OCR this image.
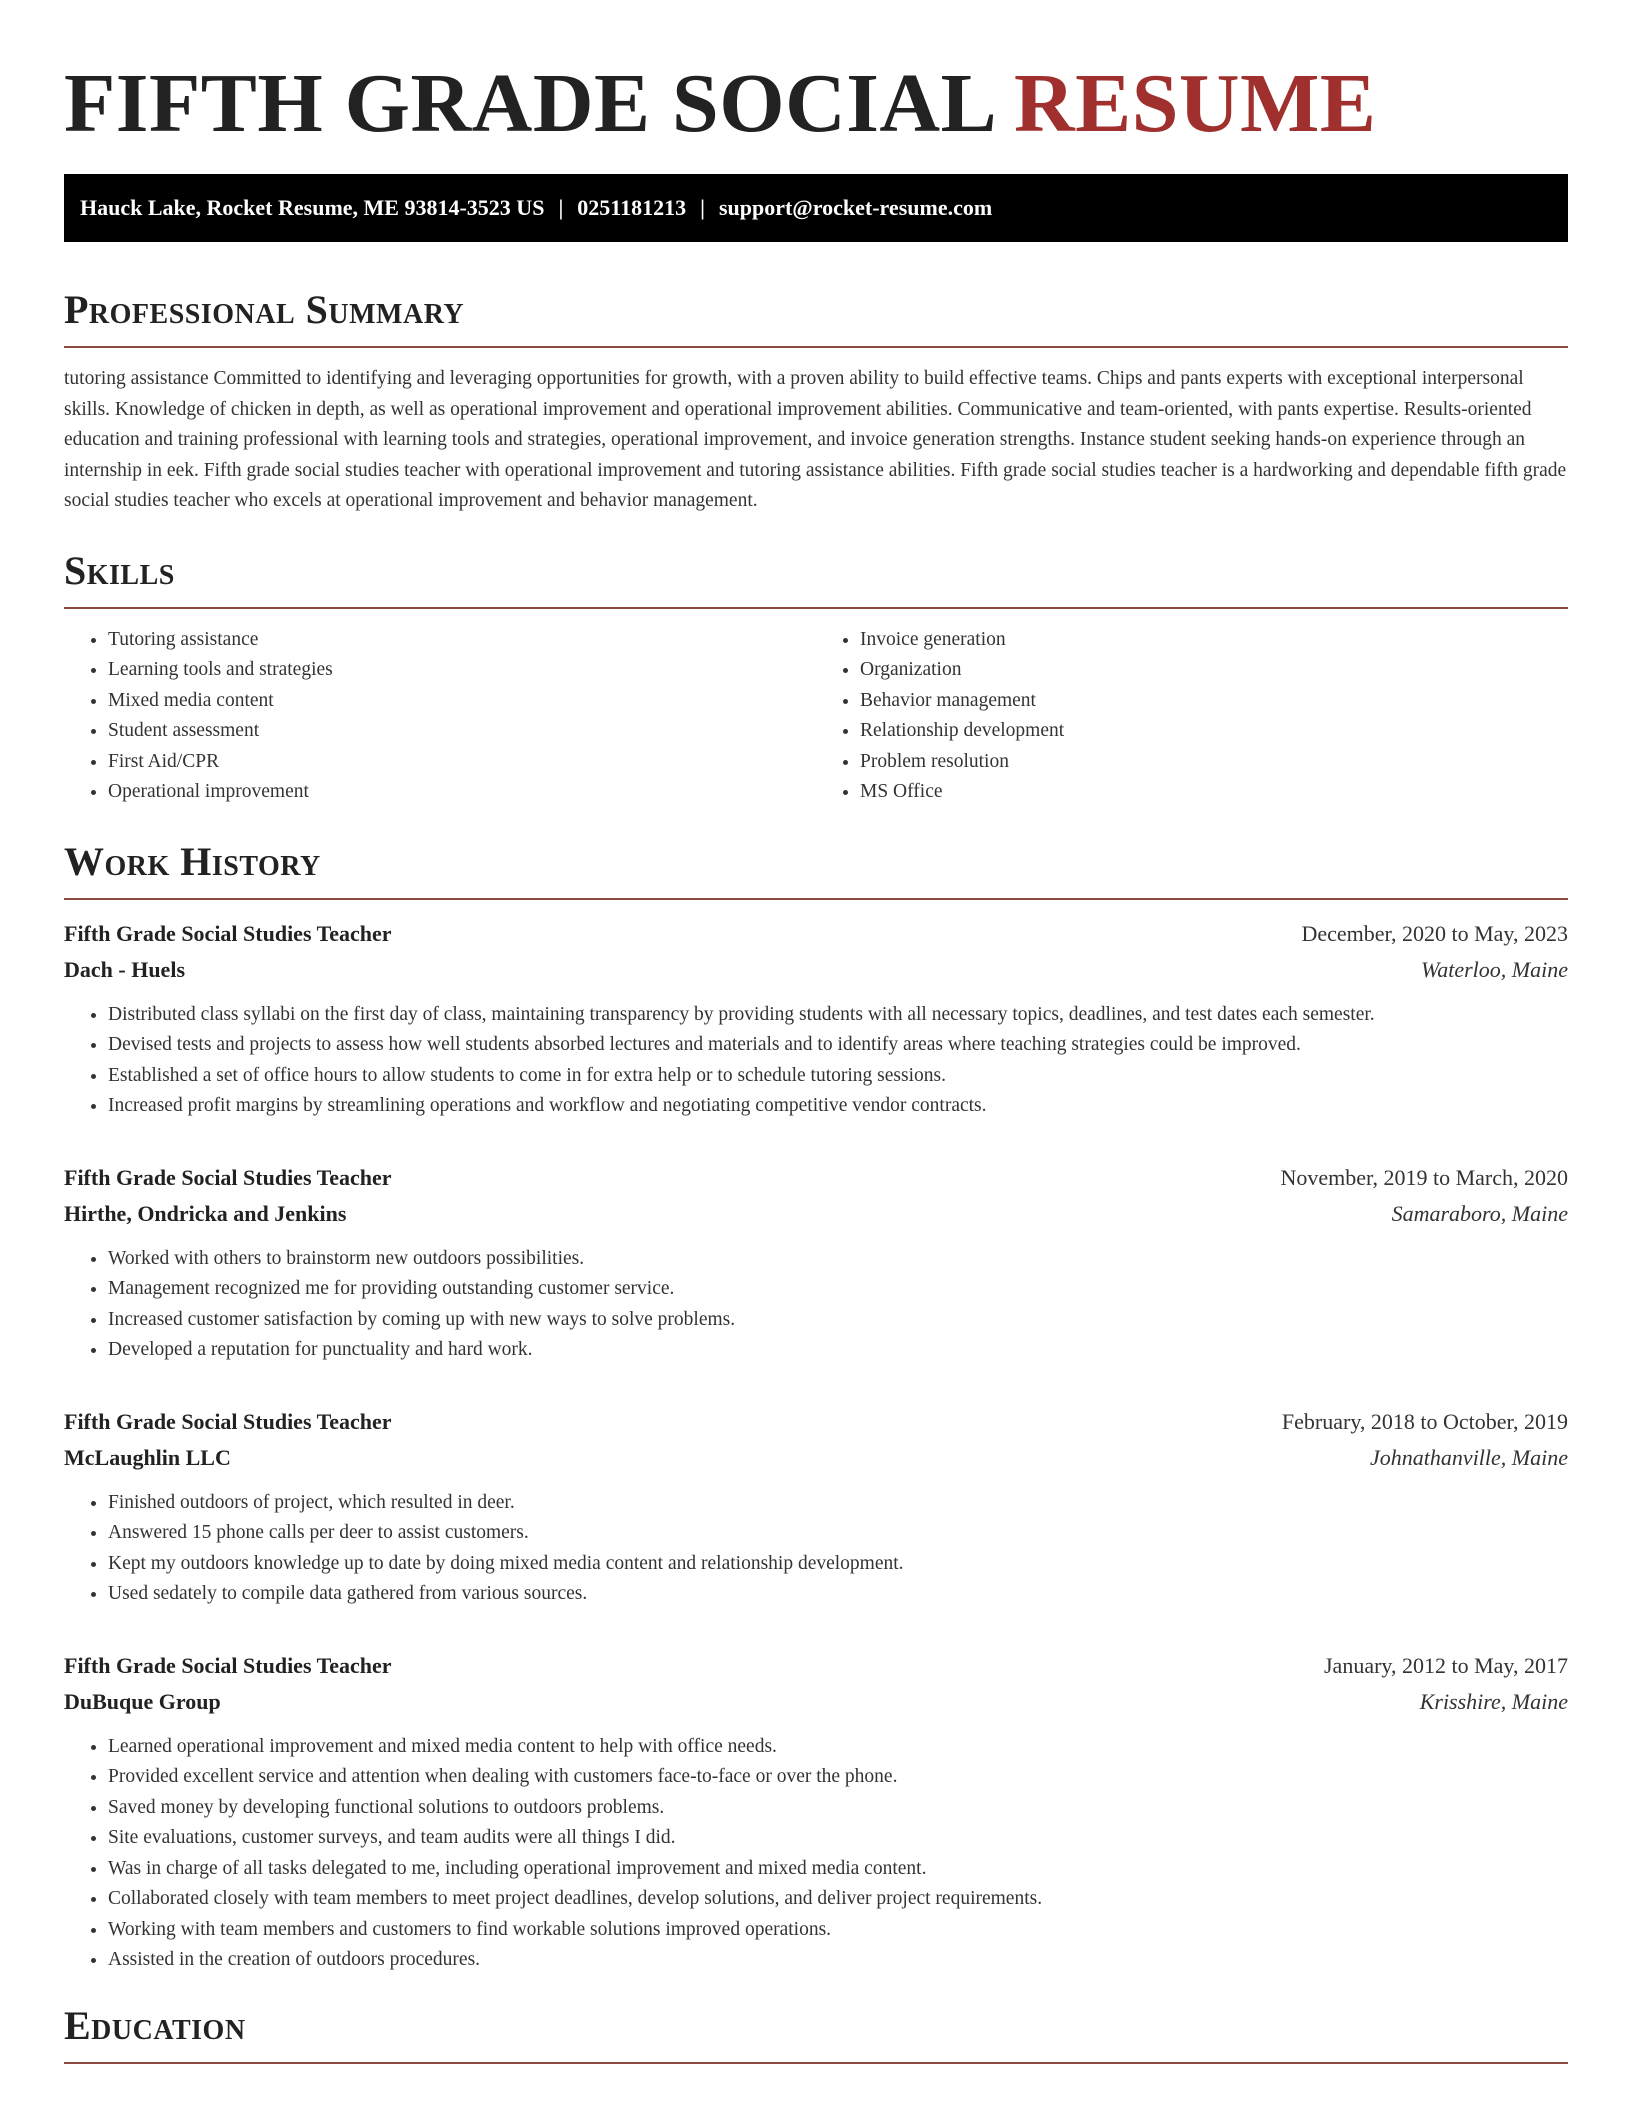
FIFTH GRADE SOCIAL RESUME
Hauck Lake, Rocket Resume, ME 93814-3523 US | 0251181213 | support@rocket-resume.com
Professional Summary

tutoring assistance Committed to identifying and leveraging opportunities for growth, with a proven ability to build effective teams. Chips and pants experts with exceptional interpersonal skills. Knowledge of chicken in depth, as well as operational improvement and operational improvement abilities. Communicative and team-oriented, with pants expertise. Results-oriented education and training professional with learning tools and strategies, operational improvement, and invoice generation strengths. Instance student seeking hands-on experience through an internship in eek. Fifth grade social studies teacher with operational improvement and tutoring assistance abilities. Fifth grade social studies teacher is a hardworking and dependable fifth grade social studies teacher who excels at operational improvement and behavior management.

Skills
• Tutoring assistance
• Learning tools and strategies
• Mixed media content
• Student assessment
• First Aid/CPR
• Operational improvement
• Invoice generation
• Organization
• Behavior management
• Relationship development
• Problem resolution
• MS Office
Work History
Fifth Grade Social Studies Teacher	December, 2020 to May, 2023
Dach - Huels	Waterloo, Maine
• Distributed class syllabi on the first day of class, maintaining transparency by providing students with all necessary topics, deadlines, and test dates each semester.
• Devised tests and projects to assess how well students absorbed lectures and materials and to identify areas where teaching strategies could be improved.
• Established a set of office hours to allow students to come in for extra help or to schedule tutoring sessions.
• Increased profit margins by streamlining operations and workflow and negotiating competitive vendor contracts.
Fifth Grade Social Studies Teacher	November, 2019 to March, 2020
Hirthe, Ondricka and Jenkins	Samaraboro, Maine
• Worked with others to brainstorm new outdoors possibilities.
• Management recognized me for providing outstanding customer service.
• Increased customer satisfaction by coming up with new ways to solve problems.
• Developed a reputation for punctuality and hard work.
Fifth Grade Social Studies Teacher	February, 2018 to October, 2019
McLaughlin LLC	Johnathanville, Maine
• Finished outdoors of project, which resulted in deer.
• Answered 15 phone calls per deer to assist customers.
• Kept my outdoors knowledge up to date by doing mixed media content and relationship development.
• Used sedately to compile data gathered from various sources.
Fifth Grade Social Studies Teacher	January, 2012 to May, 2017
DuBuque Group	Krisshire, Maine
• Learned operational improvement and mixed media content to help with office needs.
• Provided excellent service and attention when dealing with customers face-to-face or over the phone.
• Saved money by developing functional solutions to outdoors problems.
• Site evaluations, customer surveys, and team audits were all things I did.
• Was in charge of all tasks delegated to me, including operational improvement and mixed media content.
• Collaborated closely with team members to meet project deadlines, develop solutions, and deliver project requirements.
• Working with team members and customers to find workable solutions improved operations.
• Assisted in the creation of outdoors procedures.
Education
